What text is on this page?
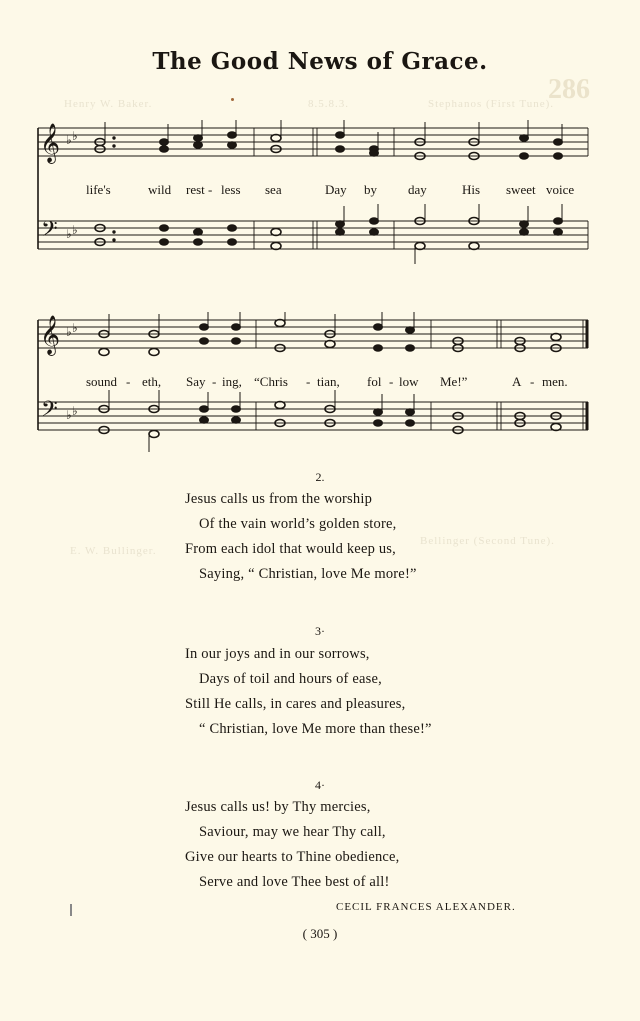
286
Henry W. Baker.	8.5.8.3.	Stephanos (First Tune).
Bellinger (Second Tune).
E. W. Bullinger.
The Good News of Grace.
𝄞
𝄢
♭ ♭
♭ ♭
life's	wild rest - less sea	Day by day	His sweet voice
𝄞
𝄢
♭ ♭
♭ ♭
sound - eth, Say - ing, “Chris - tian, fol - low Me!”	A - men.
2.
Jesus calls us from the worship
Of the vain world’s golden store,
From each idol that would keep us,
Saying, “ Christian, love Me more!”
3·
In our joys and in our sorrows,
Days of toil and hours of ease,
Still He calls, in cares and pleasures,
“ Christian, love Me more than these!”
4·
Jesus calls us! by Thy mercies,
Saviour, may we hear Thy call,
Give our hearts to Thine obedience,
Serve and love Thee best of all!
CECIL FRANCES ALEXANDER.
( 305 )
